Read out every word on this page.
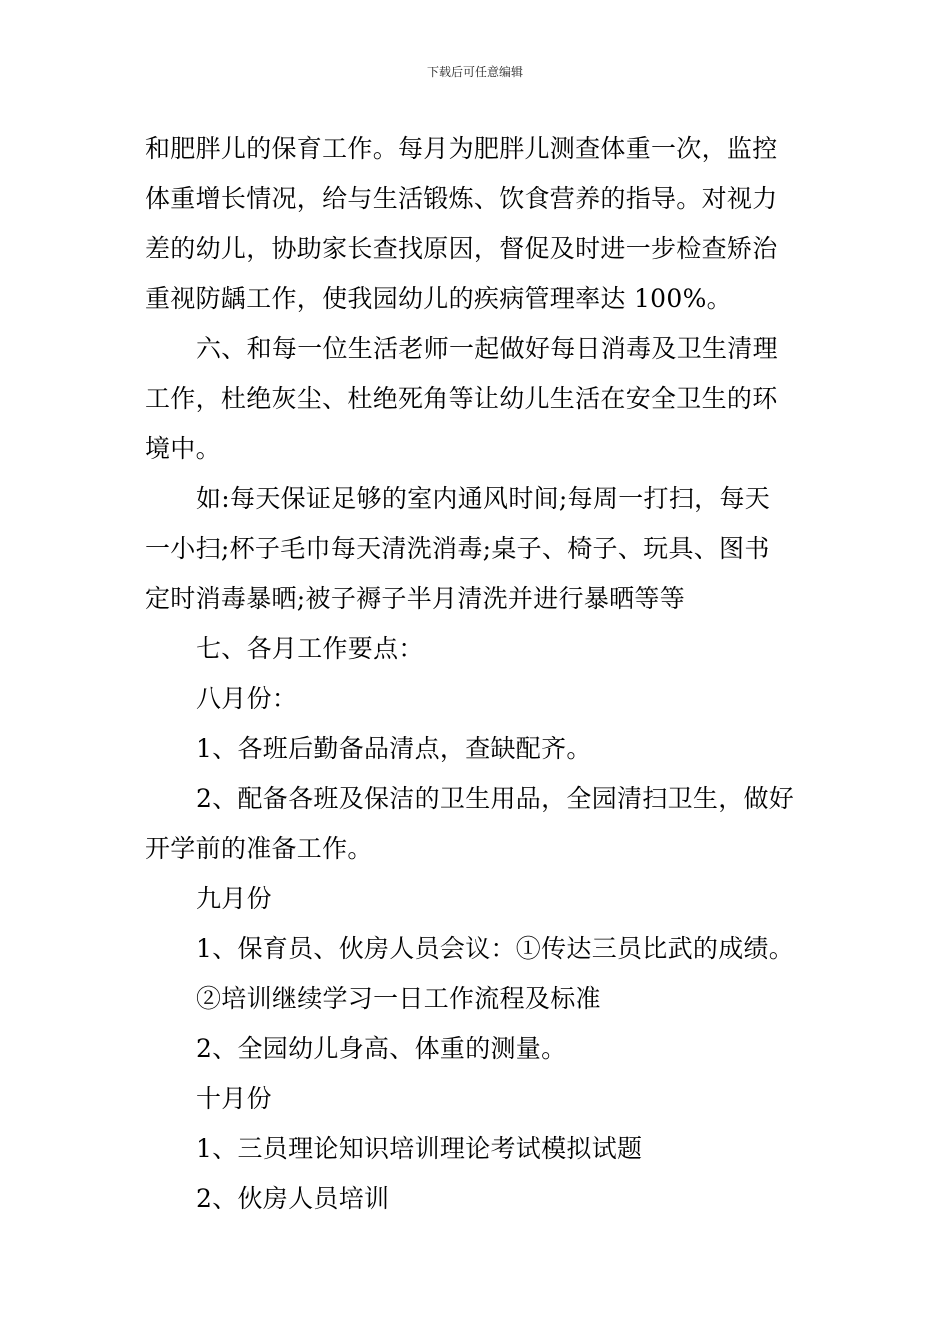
下载后可任意编辑
和肥胖儿的保育工作。每月为肥胖儿测查体重一次，监控
体重增长情况，给与生活锻炼、饮食营养的指导。对视力
差的幼儿，协助家长查找原因，督促及时进一步检查矫治
重视防龋工作，使我园幼儿的疾病管理率达 100%。
六、和每一位生活老师一起做好每日消毒及卫生清理
工作，杜绝灰尘、杜绝死角等让幼儿生活在安全卫生的环
境中。
如:每天保证足够的室内通风时间;每周一打扫，每天
一小扫;杯子毛巾每天清洗消毒;桌子、椅子、玩具、图书
定时消毒暴晒;被子褥子半月清洗并进行暴晒等等
七、各月工作要点：
八月份：
1、各班后勤备品清点，查缺配齐。
2、配备各班及保洁的卫生用品，全园清扫卫生，做好
开学前的准备工作。
九月份
1、保育员、伙房人员会议：①传达三员比武的成绩。
②培训继续学习一日工作流程及标准
2、全园幼儿身高、体重的测量。
十月份
1、三员理论知识培训理论考试模拟试题
2、伙房人员培训
